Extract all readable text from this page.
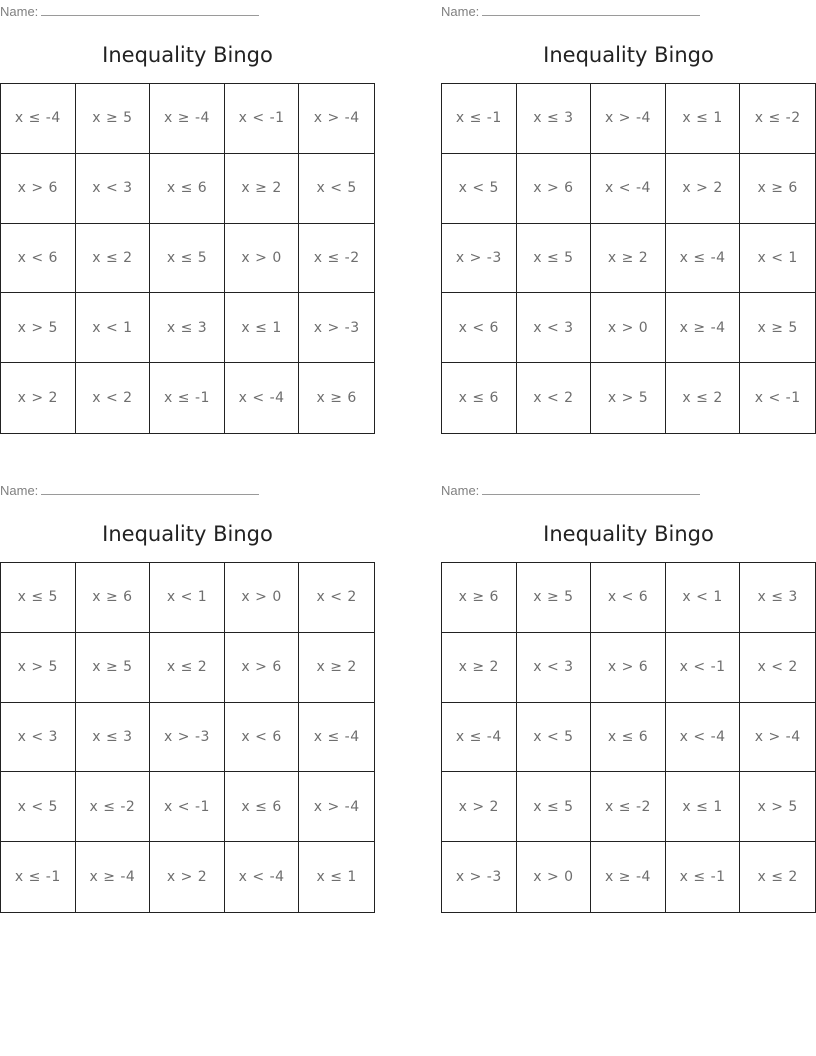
Name:
Inequality Bingo
x ≤ -4	x ≥ 5	x ≥ -4	x < -1	x > -4
x > 6	x < 3	x ≤ 6	x ≥ 2	x < 5
x < 6	x ≤ 2	x ≤ 5	x > 0	x ≤ -2
x > 5	x < 1	x ≤ 3	x ≤ 1	x > -3
x > 2	x < 2	x ≤ -1	x < -4	x ≥ 6
Name:
Inequality Bingo
x ≤ -1	x ≤ 3	x > -4	x ≤ 1	x ≤ -2
x < 5	x > 6	x < -4	x > 2	x ≥ 6
x > -3	x ≤ 5	x ≥ 2	x ≤ -4	x < 1
x < 6	x < 3	x > 0	x ≥ -4	x ≥ 5
x ≤ 6	x < 2	x > 5	x ≤ 2	x < -1
Name:
Inequality Bingo
x ≤ 5	x ≥ 6	x < 1	x > 0	x < 2
x > 5	x ≥ 5	x ≤ 2	x > 6	x ≥ 2
x < 3	x ≤ 3	x > -3	x < 6	x ≤ -4
x < 5	x ≤ -2	x < -1	x ≤ 6	x > -4
x ≤ -1	x ≥ -4	x > 2	x < -4	x ≤ 1
Name:
Inequality Bingo
x ≥ 6	x ≥ 5	x < 6	x < 1	x ≤ 3
x ≥ 2	x < 3	x > 6	x < -1	x < 2
x ≤ -4	x < 5	x ≤ 6	x < -4	x > -4
x > 2	x ≤ 5	x ≤ -2	x ≤ 1	x > 5
x > -3	x > 0	x ≥ -4	x ≤ -1	x ≤ 2
